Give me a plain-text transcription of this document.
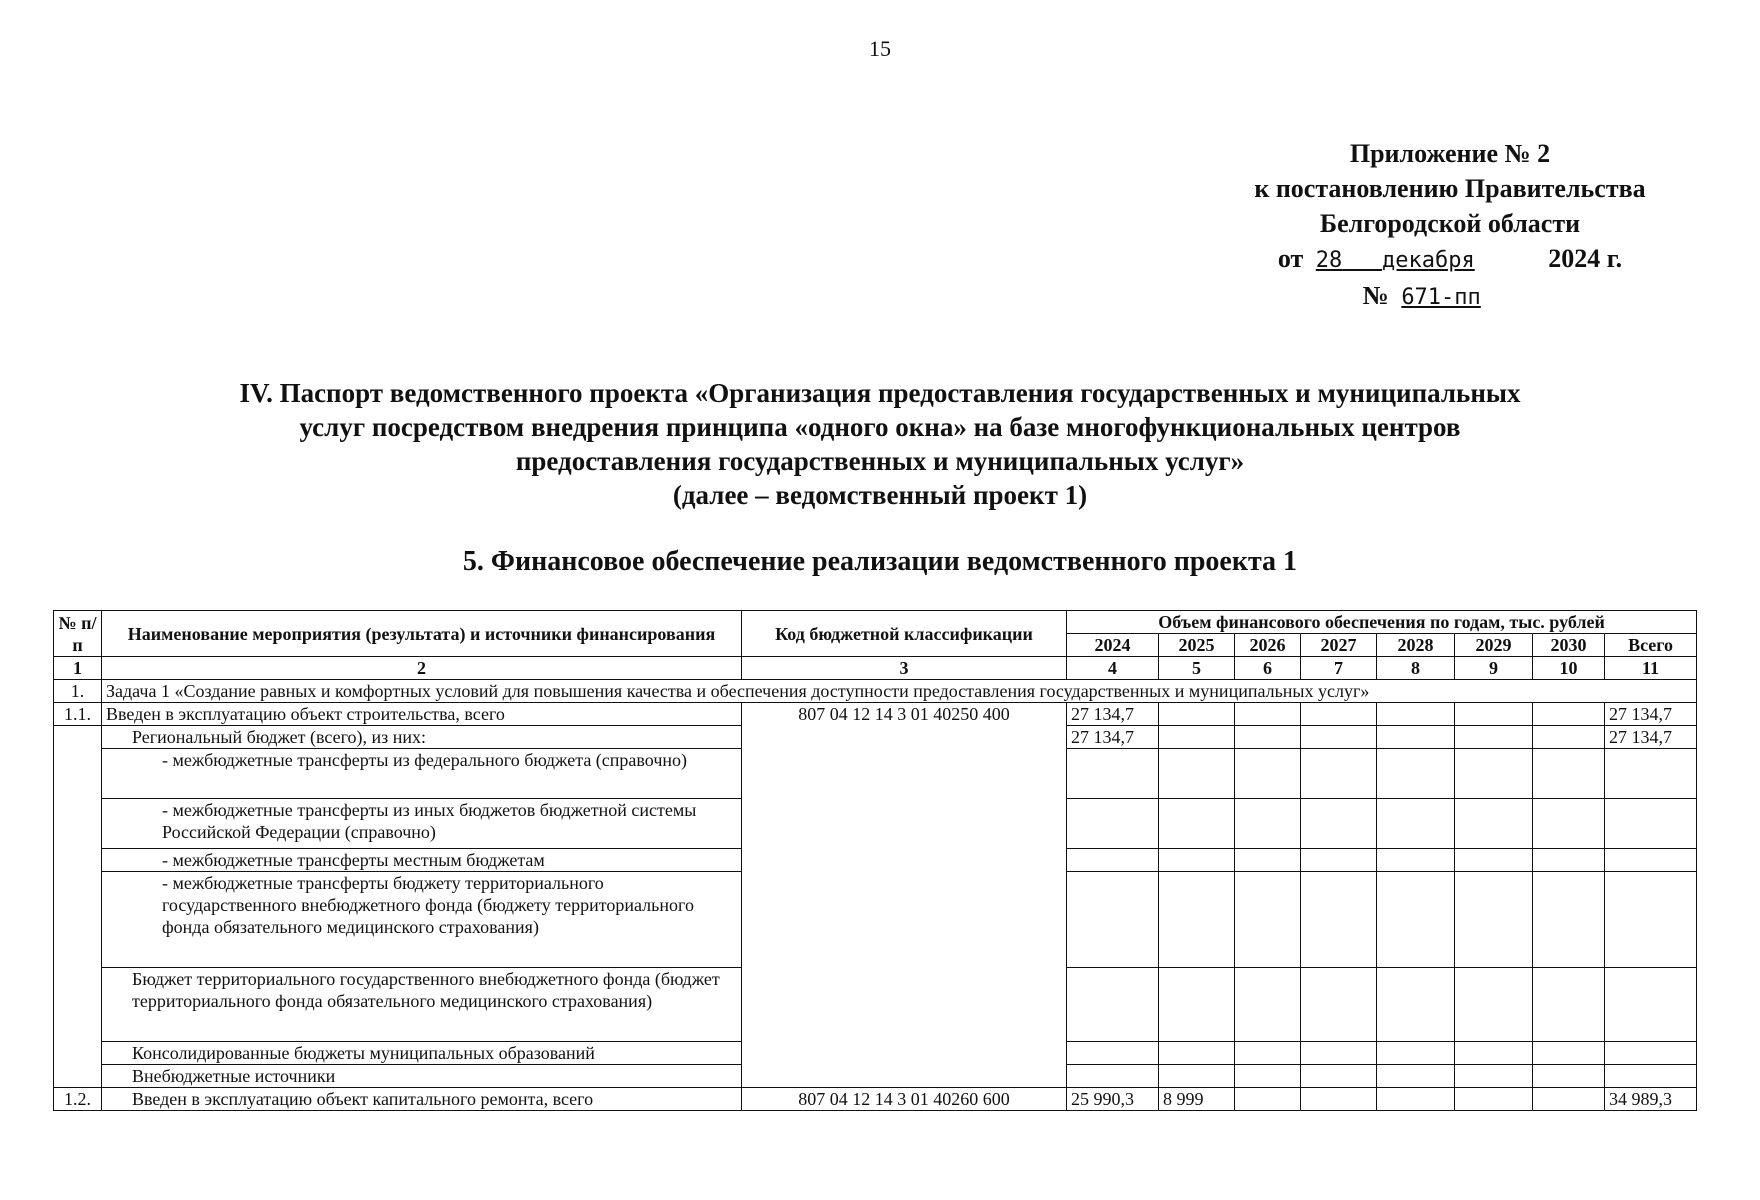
15
Приложение № 2
к постановлению Правительства
Белгородской области
от 28 декабря	2024 г.
№ 671-пп
IV. Паспорт ведомственного проекта «Организация предоставления государственных и муниципальных
услуг посредством внедрения принципа «одного окна» на базе многофункциональных центров
предоставления государственных и муниципальных услуг»
(далее – ведомственный проект 1)
5. Финансовое обеспечение реализации ведомственного проекта 1
№ п/п	Наименование мероприятия (результата) и источники финансирования	Код бюджетной классификации	Объем финансового обеспечения по годам, тыс. рублей							
			2024	2025	2026	2027	2028	2029	2030	Всего
1	2	3	4	5	6	7	8	9	10	11
1.	Задача 1 «Создание равных и комфортных условий для повышения качества и обеспечения доступности предоставления государственных и муниципальных услуг»									
1.1.	Введен в эксплуатацию объект строительства, всего	807 04 12 14 3 01 40250 400	27 134,7							27 134,7
	Региональный бюджет (всего), из них:		27 134,7							27 134,7
	- межбюджетные трансферты из федерального бюджета (справочно)									
	- межбюджетные трансферты из иных бюджетов бюджетной системы Российской Федерации (справочно)									
	- межбюджетные трансферты местным бюджетам									
	- межбюджетные трансферты бюджету территориального государственного внебюджетного фонда (бюджету территориального фонда обязательного медицинского страхования)									
	Бюджет территориального государственного внебюджетного фонда (бюджет территориального фонда обязательного медицинского страхования)									
	Консолидированные бюджеты муниципальных образований									
	Внебюджетные источники									
1.2.	Введен в эксплуатацию объект капитального ремонта, всего	807 04 12 14 3 01 40260 600	25 990,3	8 999						34 989,3
